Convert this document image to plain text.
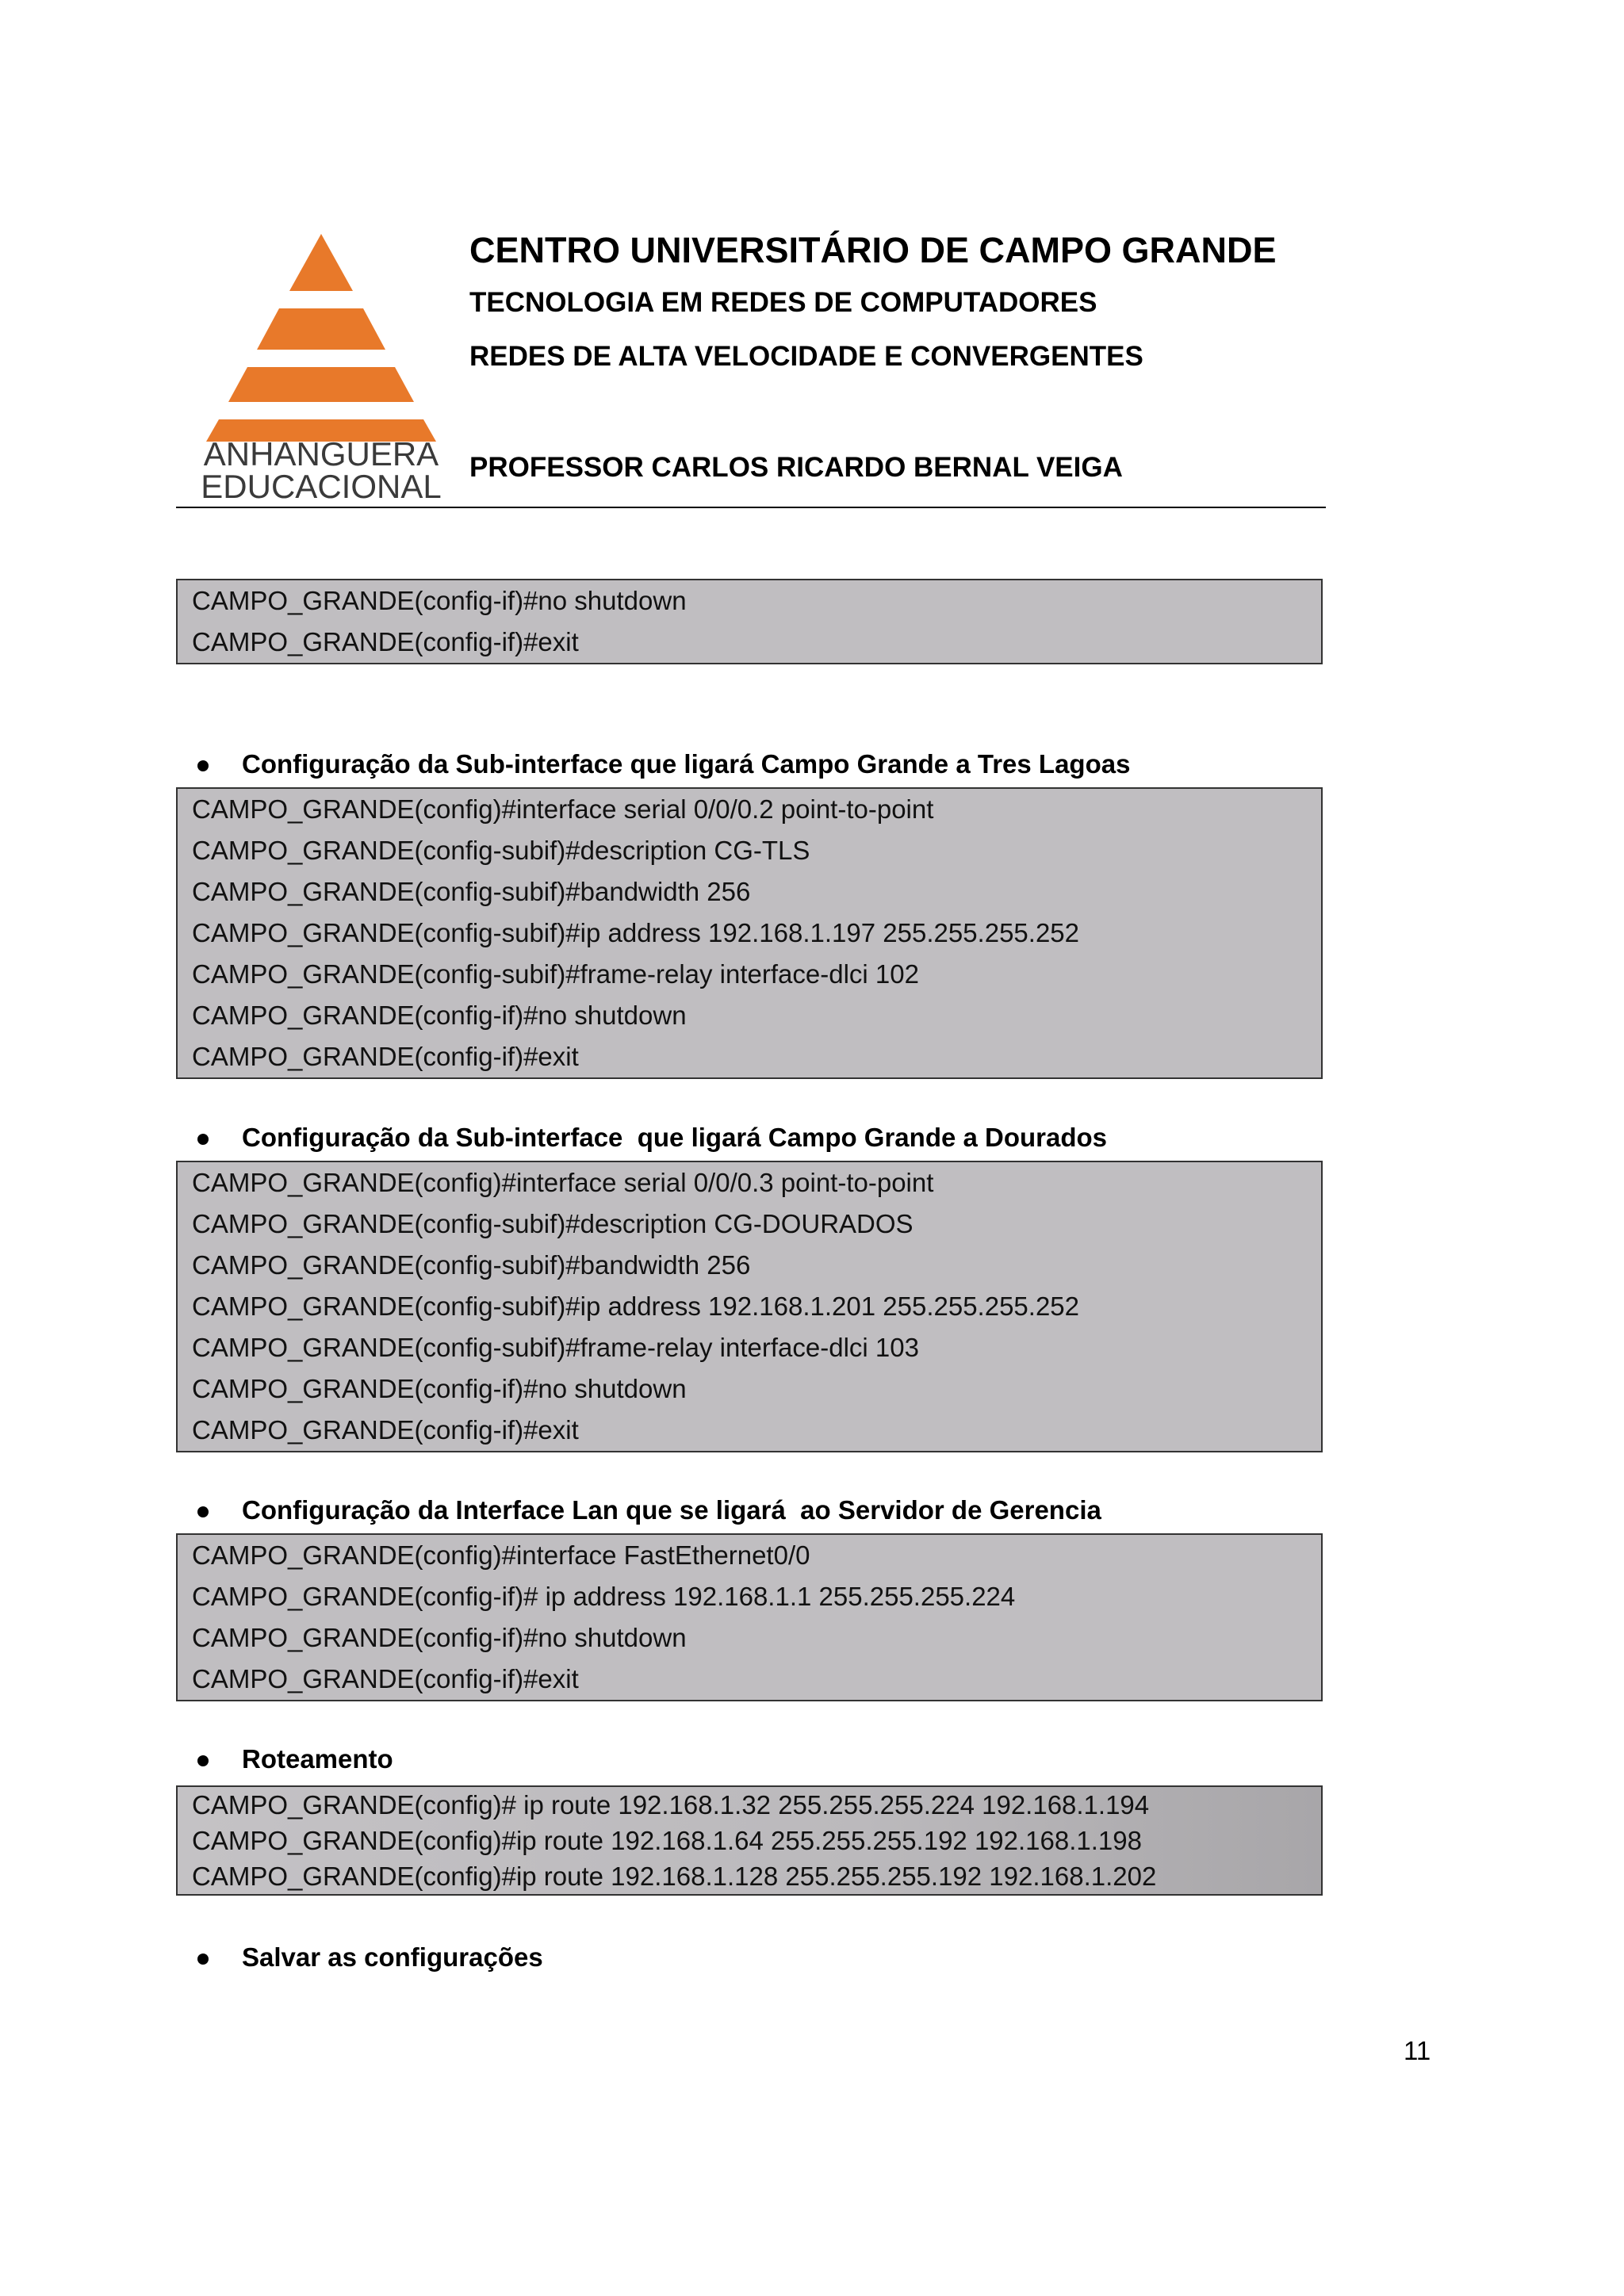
ANHANGUERA
EDUCACIONAL
CENTRO UNIVERSITÁRIO DE CAMPO GRANDE
TECNOLOGIA EM REDES DE COMPUTADORES
REDES DE ALTA VELOCIDADE E CONVERGENTES
PROFESSOR CARLOS RICARDO BERNAL VEIGA
CAMPO_GRANDE(config-if)#no shutdown
CAMPO_GRANDE(config-if)#exit
Configuração da Sub-interface que ligará Campo Grande a Tres Lagoas
CAMPO_GRANDE(config)#interface serial 0/0/0.2 point-to-point
CAMPO_GRANDE(config-subif)#description CG-TLS
CAMPO_GRANDE(config-subif)#bandwidth 256
CAMPO_GRANDE(config-subif)#ip address 192.168.1.197 255.255.255.252
CAMPO_GRANDE(config-subif)#frame-relay interface-dlci 102
CAMPO_GRANDE(config-if)#no shutdown
CAMPO_GRANDE(config-if)#exit
Configuração da Sub-interface  que ligará Campo Grande a Dourados
CAMPO_GRANDE(config)#interface serial 0/0/0.3 point-to-point
CAMPO_GRANDE(config-subif)#description CG-DOURADOS
CAMPO_GRANDE(config-subif)#bandwidth 256
CAMPO_GRANDE(config-subif)#ip address 192.168.1.201 255.255.255.252
CAMPO_GRANDE(config-subif)#frame-relay interface-dlci 103
CAMPO_GRANDE(config-if)#no shutdown
CAMPO_GRANDE(config-if)#exit
Configuração da Interface Lan que se ligará  ao Servidor de Gerencia
CAMPO_GRANDE(config)#interface FastEthernet0/0
CAMPO_GRANDE(config-if)# ip address 192.168.1.1 255.255.255.224
CAMPO_GRANDE(config-if)#no shutdown
CAMPO_GRANDE(config-if)#exit
Roteamento
CAMPO_GRANDE(config)# ip route 192.168.1.32 255.255.255.224 192.168.1.194
CAMPO_GRANDE(config)#ip route 192.168.1.64 255.255.255.192 192.168.1.198
CAMPO_GRANDE(config)#ip route 192.168.1.128 255.255.255.192 192.168.1.202
Salvar as configurações
11
